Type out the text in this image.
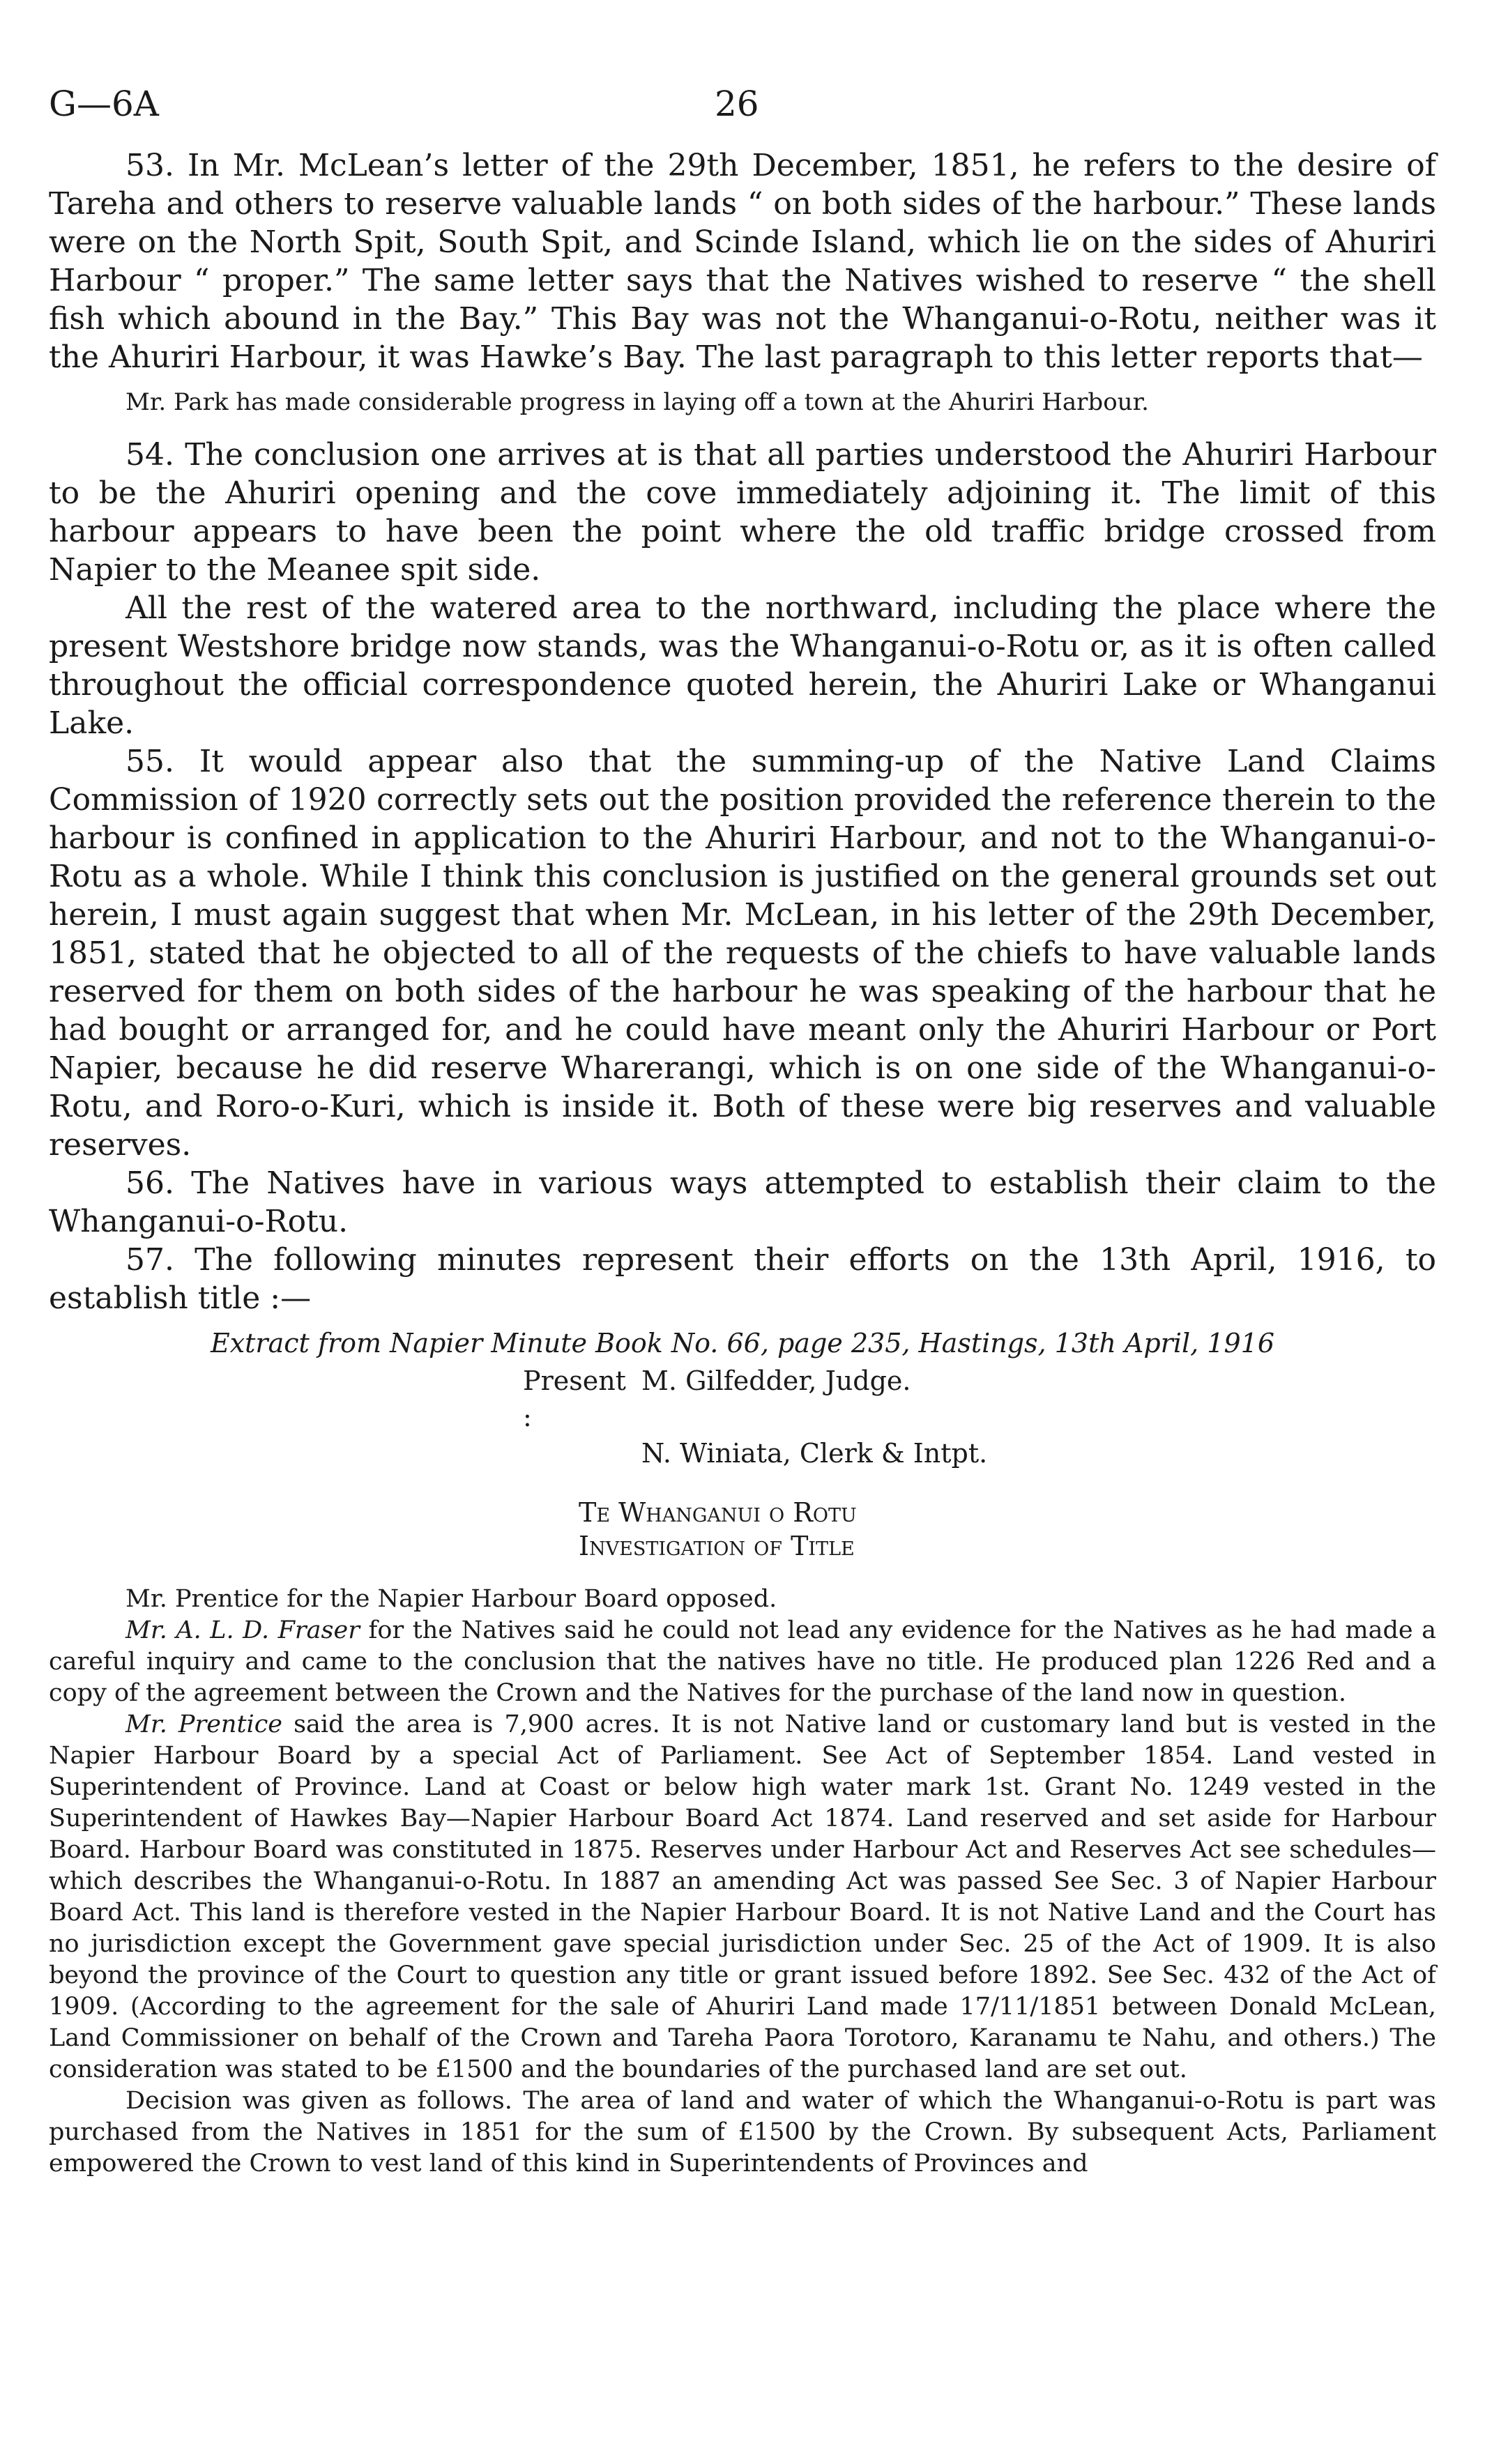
G—6A	26

53. In Mr. McLean’s letter of the 29th December, 1851, he refers to the desire of Tareha and others to reserve valuable lands “ on both sides of the harbour.” These lands were on the North Spit, South Spit, and Scinde Island, which lie on the sides of Ahuriri Harbour “ proper.” The same letter says that the Natives wished to reserve “ the shell fish which abound in the Bay.” This Bay was not the Whanganui-o-Rotu, neither was it the Ahuriri Harbour, it was Hawke’s Bay. The last paragraph to this letter reports that—

Mr. Park has made considerable progress in laying off a town at the Ahuriri Harbour.

54. The conclusion one arrives at is that all parties understood the Ahuriri Harbour to be the Ahuriri opening and the cove immediately adjoining it. The limit of this harbour appears to have been the point where the old traffic bridge crossed from Napier to the Meanee spit side.

All the rest of the watered area to the northward, including the place where the present Westshore bridge now stands, was the Whanganui-o-Rotu or, as it is often called throughout the official correspondence quoted herein, the Ahuriri Lake or Whanganui Lake.

55. It would appear also that the summing-up of the Native Land Claims Commission of 1920 correctly sets out the position provided the reference therein to the harbour is confined in application to the Ahuriri Harbour, and not to the Whanganui-o-Rotu as a whole. While I think this conclusion is justified on the general grounds set out herein, I must again suggest that when Mr. McLean, in his letter of the 29th December, 1851, stated that he objected to all of the requests of the chiefs to have valuable lands reserved for them on both sides of the harbour he was speaking of the harbour that he had bought or arranged for, and he could have meant only the Ahuriri Harbour or Port Napier, because he did reserve Wharerangi, which is on one side of the Whanganui-o-Rotu, and Roro-o-Kuri, which is inside it. Both of these were big reserves and valuable reserves.

56. The Natives have in various ways attempted to establish their claim to the Whanganui-o-Rotu.

57. The following minutes represent their efforts on the 13th April, 1916, to establish title :—

Extract from Napier Minute Book No. 66, page 235, Hastings, 13th April, 1916
Present :
M. Gilfedder, Judge.
N. Winiata, Clerk & Intpt.
Te Whanganui o Rotu
Investigation of Title

Mr. Prentice for the Napier Harbour Board opposed.

Mr. A. L. D. Fraser for the Natives said he could not lead any evidence for the Natives as he had made a careful inquiry and came to the conclusion that the natives have no title. He produced plan 1226 Red and a copy of the agreement between the Crown and the Natives for the purchase of the land now in question.

Mr. Prentice said the area is 7,900 acres. It is not Native land or customary land but is vested in the Napier Harbour Board by a special Act of Parliament. See Act of September 1854. Land vested in Superintendent of Province. Land at Coast or below high water mark 1st. Grant No. 1249 vested in the Superintendent of Hawkes Bay—Napier Harbour Board Act 1874. Land reserved and set aside for Harbour Board. Harbour Board was constituted in 1875. Reserves under Harbour Act and Reserves Act see schedules—which describes the Whanganui-o-Rotu. In 1887 an amending Act was passed See Sec. 3 of Napier Harbour Board Act. This land is therefore vested in the Napier Harbour Board. It is not Native Land and the Court has no jurisdiction except the Government gave special jurisdiction under Sec. 25 of the Act of 1909. It is also beyond the province of the Court to question any title or grant issued before 1892. See Sec. 432 of the Act of 1909. (According to the agreement for the sale of Ahuriri Land made 17/11/1851 between Donald McLean, Land Commissioner on behalf of the Crown and Tareha Paora Torotoro, Karanamu te Nahu, and others.) The consideration was stated to be £1500 and the boundaries of the purchased land are set out.

Decision was given as follows. The area of land and water of which the Whanganui-o-Rotu is part was purchased from the Natives in 1851 for the sum of £1500 by the Crown. By subsequent Acts, Parliament empowered the Crown to vest land of this kind in Superintendents of Provinces and
